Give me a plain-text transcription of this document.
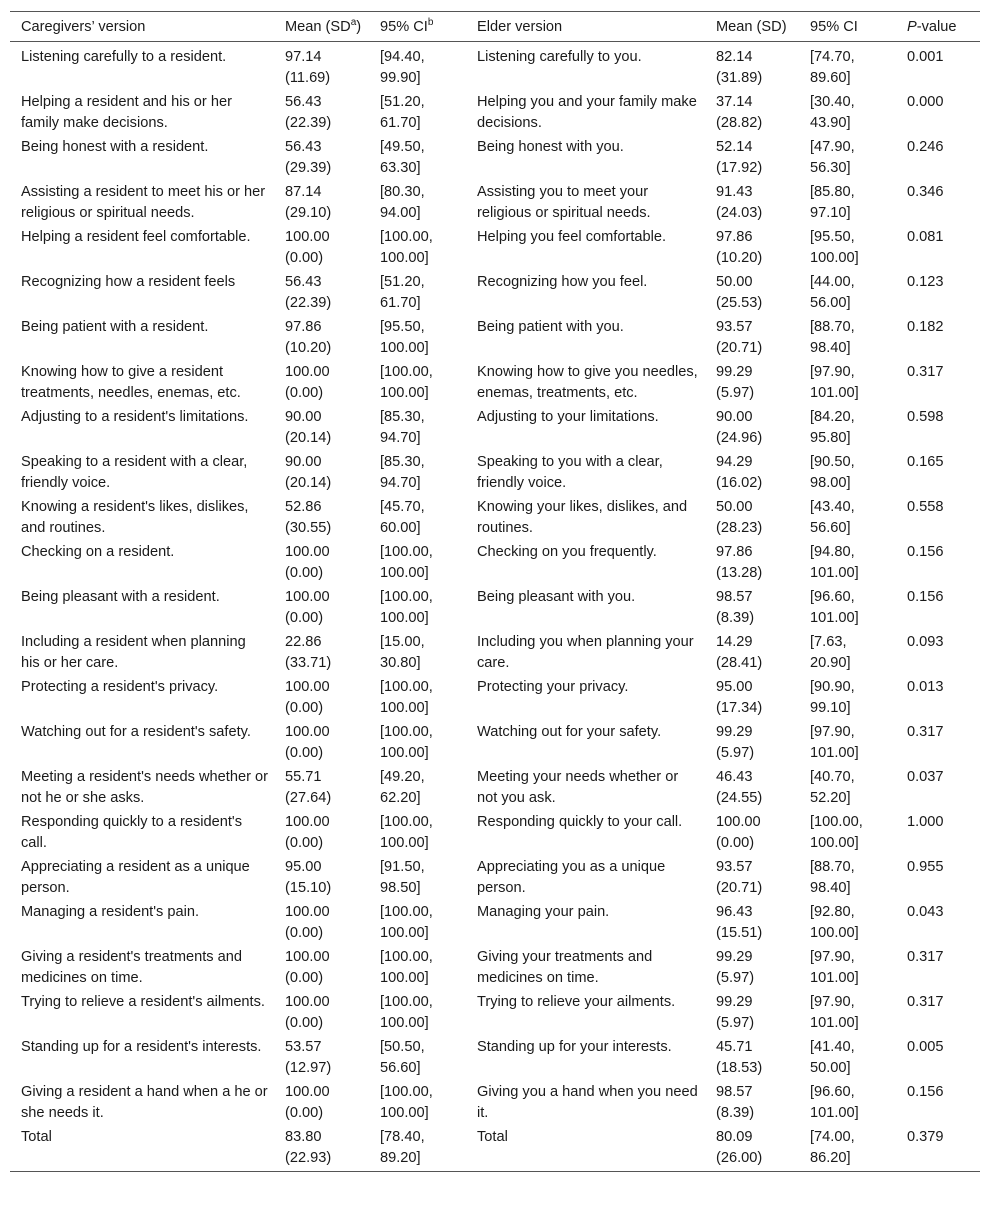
Caregivers’ version	Mean $(SD^a)$	95% $CI^b$	Elder version	Mean (SD)	95% CI	P-value
Listening carefully to a resident.	97.14 (11.69)	[94.40, 99.90]	Listening carefully to you.	82.14 (31.89)	[74.70, 89.60]	0.001
Helping a resident and his or her family make decisions.	56.43 (22.39)	[51.20, 61.70]	Helping you and your family make decisions.	37.14 (28.82)	[30.40, 43.90]	0.000
Being honest with a resident.	56.43 (29.39)	[49.50, 63.30]	Being honest with you.	52.14 (17.92)	[47.90, 56.30]	0.246
Assisting a resident to meet his or her religious or spiritual needs.	87.14 (29.10)	[80.30, 94.00]	Assisting you to meet your religious or spiritual needs.	91.43 (24.03)	[85.80, 97.10]	0.346
Helping a resident feel comfortable.	100.00 (0.00)	[100.00, 100.00]	Helping you feel comfortable.	97.86 (10.20)	[95.50, 100.00]	0.081
Recognizing how a resident feels	56.43 (22.39)	[51.20, 61.70]	Recognizing how you feel.	50.00 (25.53)	[44.00, 56.00]	0.123
Being patient with a resident.	97.86 (10.20)	[95.50, 100.00]	Being patient with you.	93.57 (20.71)	[88.70, 98.40]	0.182
Knowing how to give a resident treatments, needles, enemas, etc.	100.00 (0.00)	[100.00, 100.00]	Knowing how to give you needles, enemas, treatments, etc.	99.29 (5.97)	[97.90, 101.00]	0.317
Adjusting to a resident's limitations.	90.00 (20.14)	[85.30, 94.70]	Adjusting to your limitations.	90.00 (24.96)	[84.20, 95.80]	0.598
Speaking to a resident with a clear, friendly voice.	90.00 (20.14)	[85.30, 94.70]	Speaking to you with a clear, friendly voice.	94.29 (16.02)	[90.50, 98.00]	0.165
Knowing a resident's likes, dislikes, and routines.	52.86 (30.55)	[45.70, 60.00]	Knowing your likes, dislikes, and routines.	50.00 (28.23)	[43.40, 56.60]	0.558
Checking on a resident.	100.00 (0.00)	[100.00, 100.00]	Checking on you frequently.	97.86 (13.28)	[94.80, 101.00]	0.156
Being pleasant with a resident.	100.00 (0.00)	[100.00, 100.00]	Being pleasant with you.	98.57 (8.39)	[96.60, 101.00]	0.156
Including a resident when planning his or her care.	22.86 (33.71)	[15.00, 30.80]	Including you when planning your care.	14.29 (28.41)	[7.63, 20.90]	0.093
Protecting a resident's privacy.	100.00 (0.00)	[100.00, 100.00]	Protecting your privacy.	95.00 (17.34)	[90.90, 99.10]	0.013
Watching out for a resident's safety.	100.00 (0.00)	[100.00, 100.00]	Watching out for your safety.	99.29 (5.97)	[97.90, 101.00]	0.317
Meeting a resident's needs whether or not he or she asks.	55.71 (27.64)	[49.20, 62.20]	Meeting your needs whether or not you ask.	46.43 (24.55)	[40.70, 52.20]	0.037
Responding quickly to a resident's call.	100.00 (0.00)	[100.00, 100.00]	Responding quickly to your call.	100.00 (0.00)	[100.00, 100.00]	1.000
Appreciating a resident as a unique person.	95.00 (15.10)	[91.50, 98.50]	Appreciating you as a unique person.	93.57 (20.71)	[88.70, 98.40]	0.955
Managing a resident's pain.	100.00 (0.00)	[100.00, 100.00]	Managing your pain.	96.43 (15.51)	[92.80, 100.00]	0.043
Giving a resident's treatments and medicines on time.	100.00 (0.00)	[100.00, 100.00]	Giving your treatments and medicines on time.	99.29 (5.97)	[97.90, 101.00]	0.317
Trying to relieve a resident's ailments.	100.00 (0.00)	[100.00, 100.00]	Trying to relieve your ailments.	99.29 (5.97)	[97.90, 101.00]	0.317
Standing up for a resident's interests.	53.57 (12.97)	[50.50, 56.60]	Standing up for your interests.	45.71 (18.53)	[41.40, 50.00]	0.005
Giving a resident a hand when a he or she needs it.	100.00 (0.00)	[100.00, 100.00]	Giving you a hand when you need it.	98.57 (8.39)	[96.60, 101.00]	0.156
Total	83.80 (22.93)	[78.40, 89.20]	Total	80.09 (26.00)	[74.00, 86.20]	0.379
